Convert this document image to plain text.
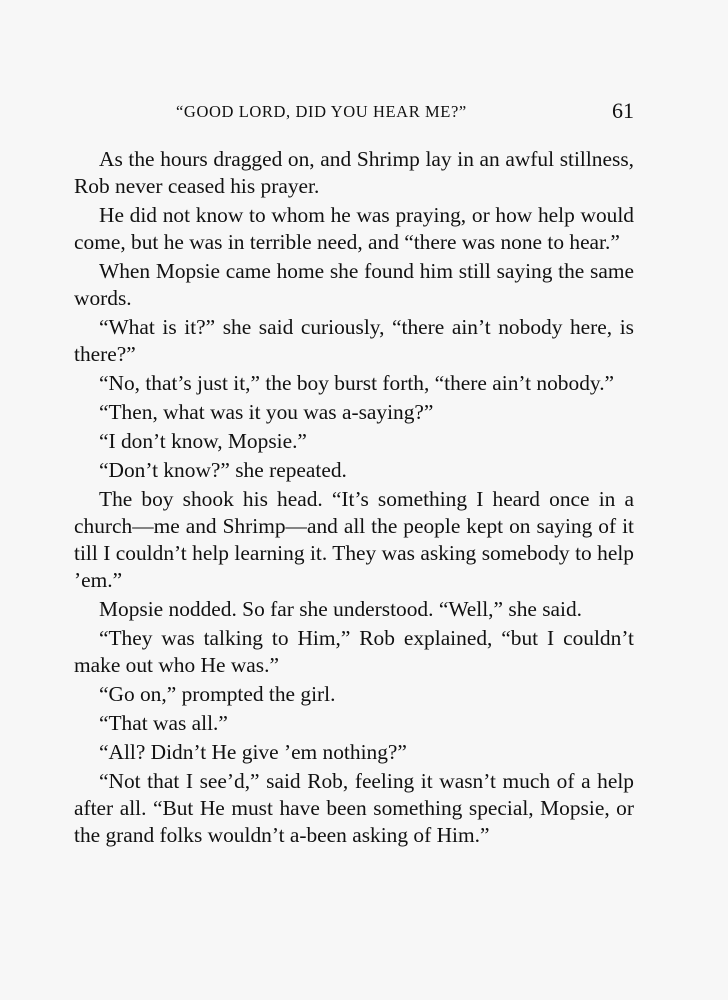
“GOOD LORD, DID YOU HEAR ME?”	61

As the hours dragged on, and Shrimp lay in an awful stillness, Rob never ceased his prayer.

He did not know to whom he was praying, or how help would come, but he was in terrible need, and “there was none to hear.”

When Mopsie came home she found him still saying the same words.

“What is it?” she said curiously, “there ain’t nobody here, is there?”

“No, that’s just it,” the boy burst forth, “there ain’t nobody.”

“Then, what was it you was a-saying?”

“I don’t know, Mopsie.”

“Don’t know?” she repeated.

The boy shook his head. “It’s something I heard once in a church—me and Shrimp—and all the people kept on saying of it till I couldn’t help learning it. They was asking somebody to help ’em.”

Mopsie nodded. So far she understood. “Well,” she said.

“They was talking to Him,” Rob explained, “but I couldn’t make out who He was.”

“Go on,” prompted the girl.

“That was all.”

“All? Didn’t He give ’em nothing?”

“Not that I see’d,” said Rob, feeling it wasn’t much of a help after all. “But He must have been something special, Mopsie, or the grand folks wouldn’t a-been asking of Him.”
